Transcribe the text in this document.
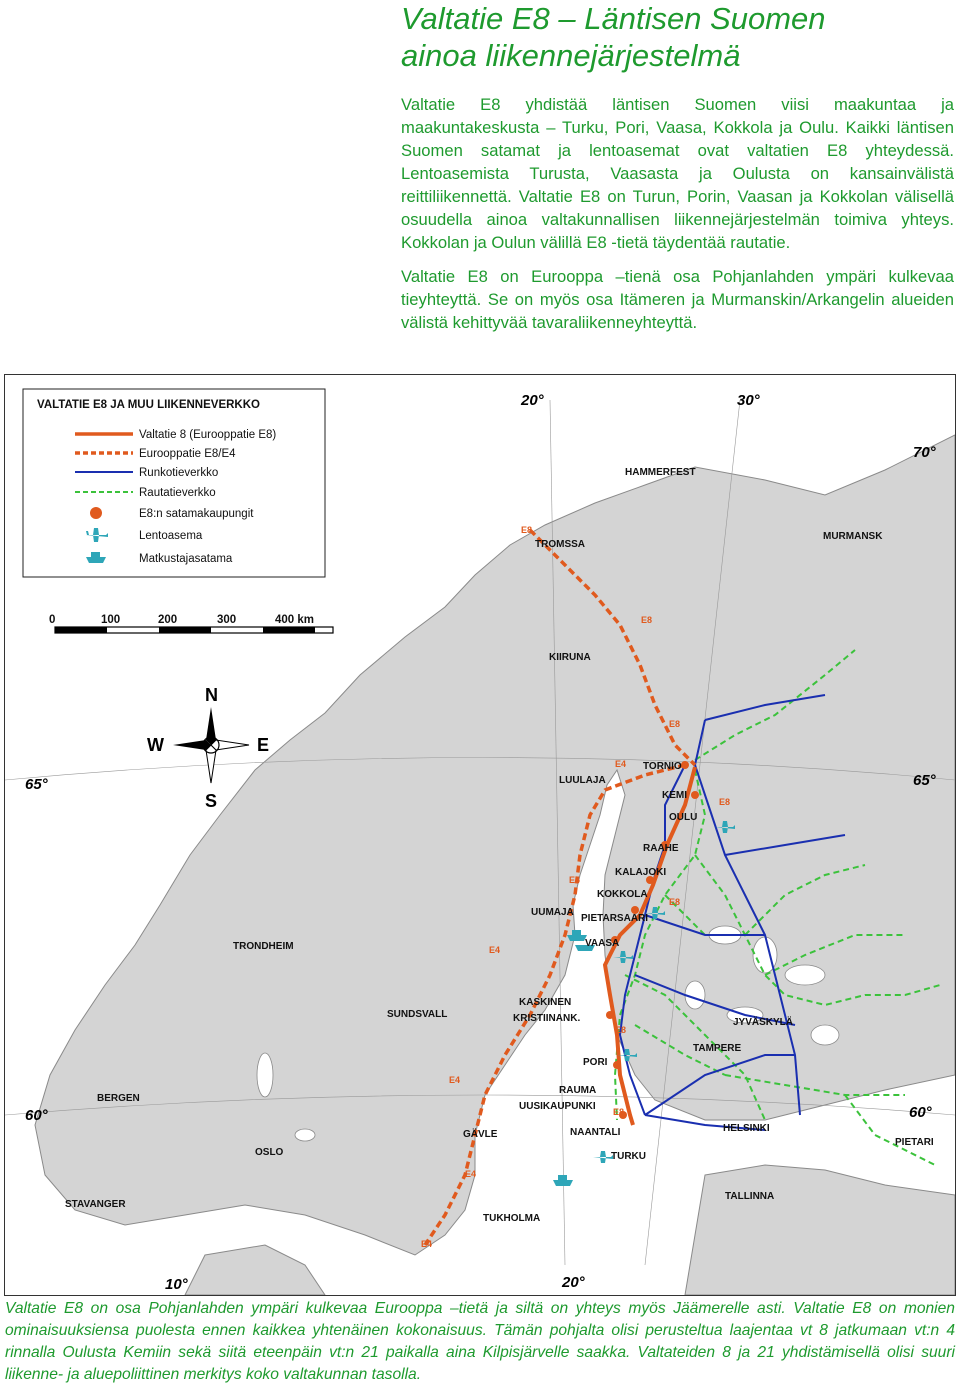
Valtatie E8 – Läntisen Suomen
ainoa liikennejärjestelmä

Valtatie E8 yhdistää läntisen Suomen viisi maakuntaa ja maakuntakeskusta – Turku, Pori, Vaasa, Kokkola ja Oulu. Kaikki läntisen Suomen satamat ja lentoasemat ovat valtatien E8 yhteydessä. Lentoasemista Turusta, Vaasasta ja Oulusta on kansainvälistä reittiliikennettä. Valtatie E8 on Turun, Porin, Vaasan ja Kokkolan välisellä osuudella ainoa valtakunnallisen liikennejärjestelmän toimiva yhteys. Kokkolan ja Oulun välillä E8 -tietä täydentää rautatie.

Valtatie E8 on Eurooppa –tienä osa Pohjanlahden ympäri kulkevaa tieyhteyttä. Se on myös osa Itämeren ja Murmanskin/Arkangelin alueiden välistä kehittyvää tavaraliikenneyhteyttä.

VALTATIE E8 JA MUU LIIKENNEVERKKO
Valtatie 8 (Eurooppatie E8)
Eurooppatie E8/E4
Runkotieverkko
Rautatieverkko
E8:n satamakaupungit
Lentoasema
Matkustajasatama
0	100	200	300	400 km
N
S
W	E
20°	30°
70°
65°	65°
60°	60°
10°	20°
E8
E8
E8
E4
E8
E4
E8
E4
E8
E4
E8
E4
E4
HAMMERFEST
TROMSSA
MURMANSK
KIIRUNA
TORNIO
LUULAJA
KEMI
OULU
RAAHE
KALAJOKI
KOKKOLA
UUMAJA
PIETARSAARI
VAASA
TRONDHEIM
SUNDSVALL
KASKINEN
KRISTIINANK.	JYVÄSKYLÄ
TAMPERE
PORI
RAUMA
BERGEN
UUSIKAUPUNKI
GÄVLE	NAANTALI	HELSINKI
PIETARI
OSLO	TURKU
TALLINNA
STAVANGER
TUKHOLMA

Valtatie E8 on osa Pohjanlahden ympäri kulkevaa Eurooppa –tietä ja siltä on yhteys myös Jäämerelle asti. Valtatie E8 on monien ominaisuuksiensa puolesta ennen kaikkea yhtenäinen kokonaisuus. Tämän pohjalta olisi perusteltua laajentaa vt 8 jatkumaan vt:n 4 rinnalla Oulusta Kemiin sekä siitä eteenpäin vt:n 21 paikalla aina Kilpisjärvelle saakka. Valtateiden 8 ja 21 yhdistämisellä olisi suuri liikenne- ja aluepoliittinen merkitys koko valtakunnan tasolla.
